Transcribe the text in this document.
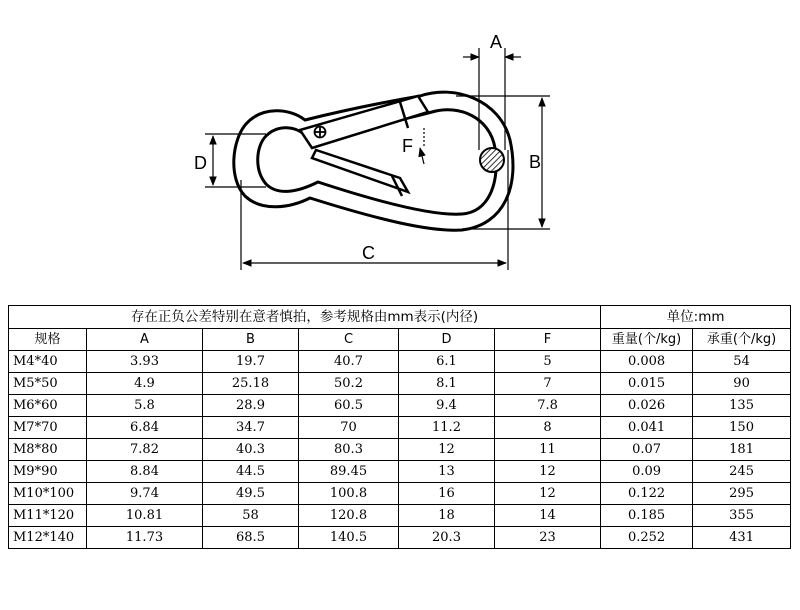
A
B
C
D
F
存在正负公差特别在意者慎拍，参考规格由mm表示(内径)						单位:mm	
规格	A	B	C	D	F	重量(个/kg)	承重(个/kg)
M4*40	3.93	19.7	40.7	6.1	5	0.008	54
M5*50	4.9	25.18	50.2	8.1	7	0.015	90
M6*60	5.8	28.9	60.5	9.4	7.8	0.026	135
M7*70	6.84	34.7	70	11.2	8	0.041	150
M8*80	7.82	40.3	80.3	12	11	0.07	181
M9*90	8.84	44.5	89.45	13	12	0.09	245
M10*100	9.74	49.5	100.8	16	12	0.122	295
M11*120	10.81	58	120.8	18	14	0.185	355
M12*140	11.73	68.5	140.5	20.3	23	0.252	431
